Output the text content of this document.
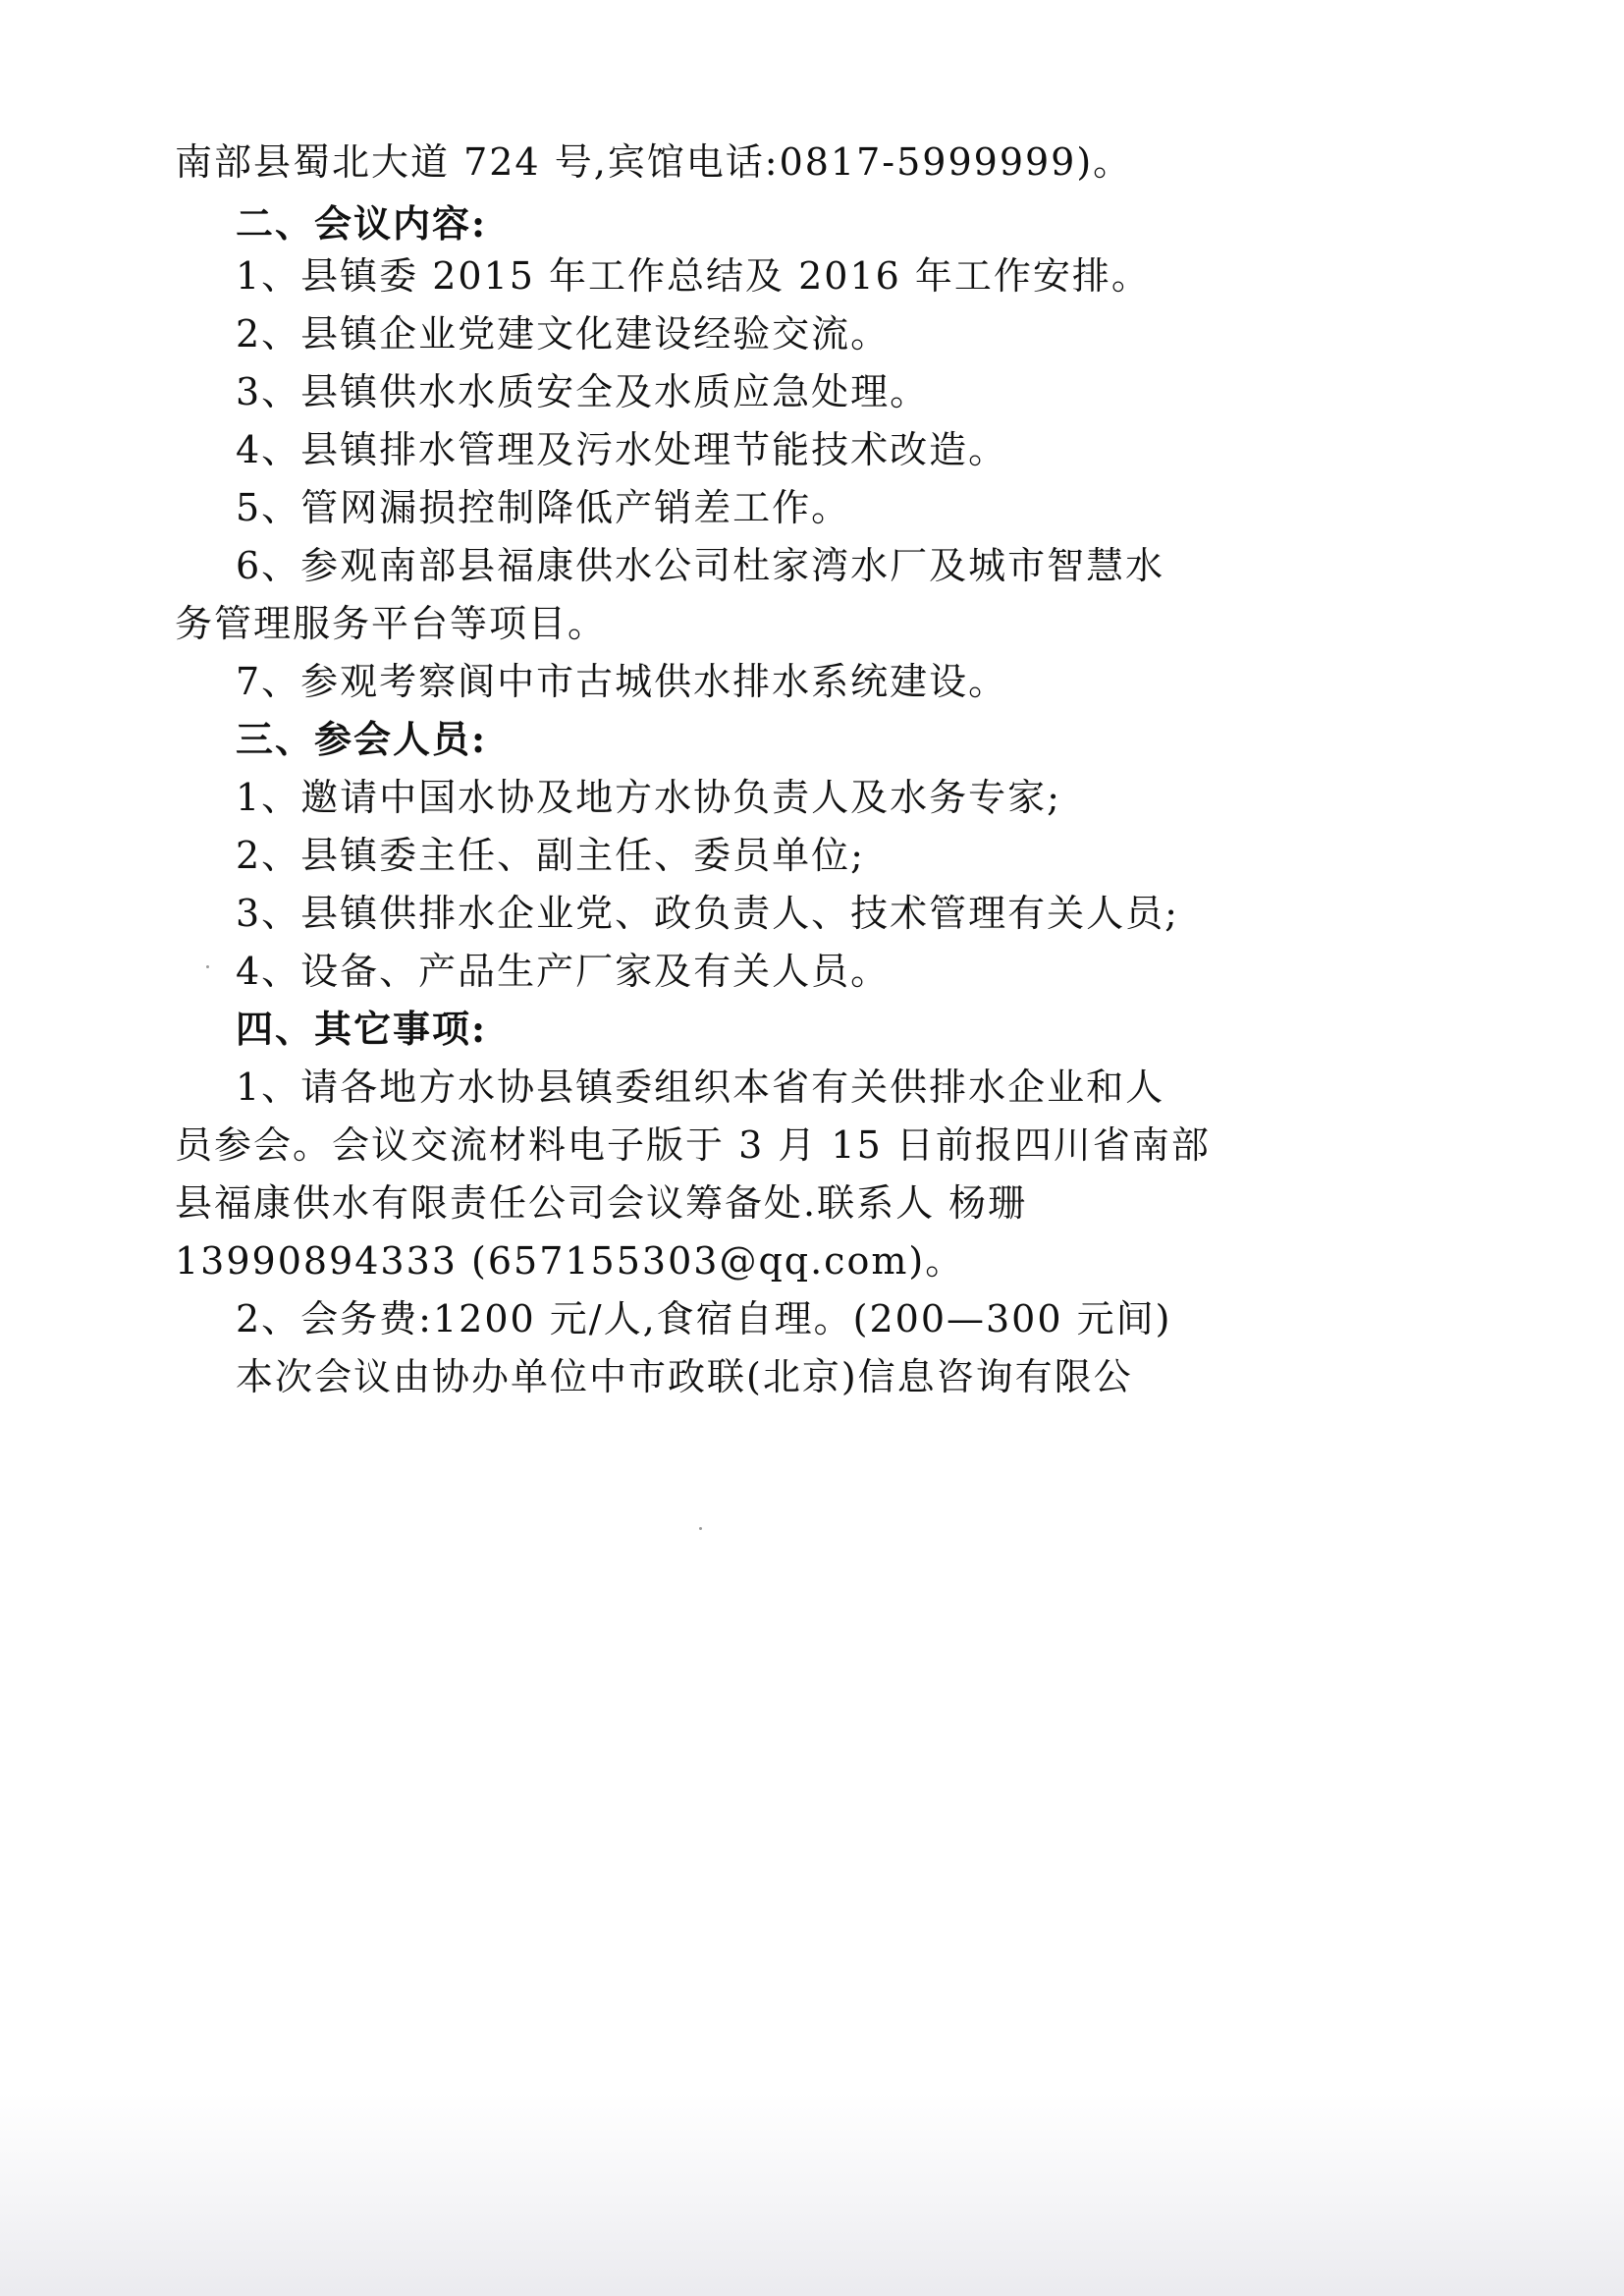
南部县蜀北大道 724 号,宾馆电话:0817-5999999)。
二、会议内容:
1、县镇委 2015 年工作总结及 2016 年工作安排。
2、县镇企业党建文化建设经验交流。
3、县镇供水水质安全及水质应急处理。
4、县镇排水管理及污水处理节能技术改造。
5、管网漏损控制降低产销差工作。
6、参观南部县福康供水公司杜家湾水厂及城市智慧水
务管理服务平台等项目。
7、参观考察阆中市古城供水排水系统建设。
三、参会人员:
1、邀请中国水协及地方水协负责人及水务专家;
2、县镇委主任、副主任、委员单位;
3、县镇供排水企业党、政负责人、技术管理有关人员;
4、设备、产品生产厂家及有关人员。
四、其它事项:
1、请各地方水协县镇委组织本省有关供排水企业和人
员参会。会议交流材料电子版于 3 月 15 日前报四川省南部
县福康供水有限责任公司会议筹备处.联系人 杨珊
13990894333 (657155303@qq.com)。
2、会务费:1200 元/人,食宿自理。(200—300 元间)
本次会议由协办单位中市政联(北京)信息咨询有限公
